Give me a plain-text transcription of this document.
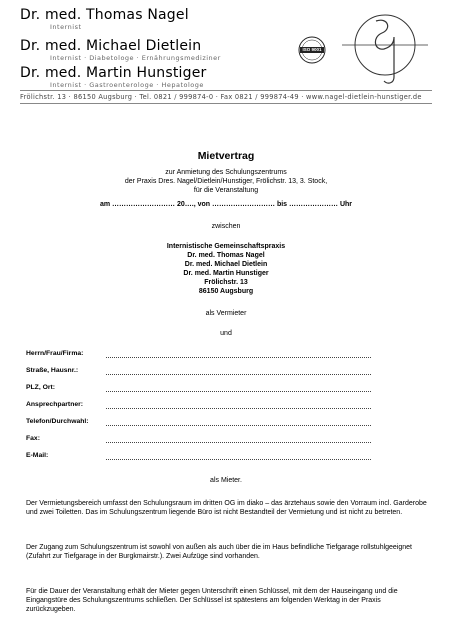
Dr. med. Thomas Nagel
Internist
Dr. med. Michael Dietlein
Internist · Diabetologe · Ernährungsmediziner
Dr. med. Martin Hunstiger
Internist · Gastroenterologe · Hepatologe
ISO 9001
Frölichstr. 13 · 86150 Augsburg · Tel. 0821 / 999874-0 · Fax 0821 / 999874-49 · www.nagel-dietlein-hunstiger.de
Mietvertrag
zur Anmietung des Schulungszentrums
der Praxis Dres. Nagel/Dietlein/Hunstiger, Frölichstr. 13, 3. Stock,
für die Veranstaltung
am ……………………… 20…., von ……………………… bis ………………… Uhr
zwischen
Internistische Gemeinschaftspraxis
Dr. med. Thomas Nagel
Dr. med. Michael Dietlein
Dr. med. Martin Hunstiger
Frölichstr. 13
86150 Augsburg
als Vermieter
und
Herrn/Frau/Firma:
Straße, Hausnr.:
PLZ, Ort:
Ansprechpartner:
Telefon/Durchwahl:
Fax:
E-Mail:
als Mieter.
Der Vermietungsbereich umfasst den Schulungsraum im dritten OG im diako – das ärztehaus sowie den Vorraum incl. Garderobe und zwei Toiletten. Das im Schulungszentrum liegende Büro ist nicht Bestandteil der Vermietung und ist nicht zu betreten.
Der Zugang zum Schulungszentrum ist sowohl von außen als auch über die im Haus befindliche Tiefgarage rollstuhlgeeignet (Zufahrt zur Tiefgarage in der Burgkmairstr.). Zwei Aufzüge sind vorhanden.
Für die Dauer der Veranstaltung erhält der Mieter gegen Unterschrift einen Schlüssel, mit dem der Hauseingang und die Eingangstüre des Schulungszentrums schließen. Der Schlüssel ist spätestens am folgenden Werktag in der Praxis zurückzugeben.
